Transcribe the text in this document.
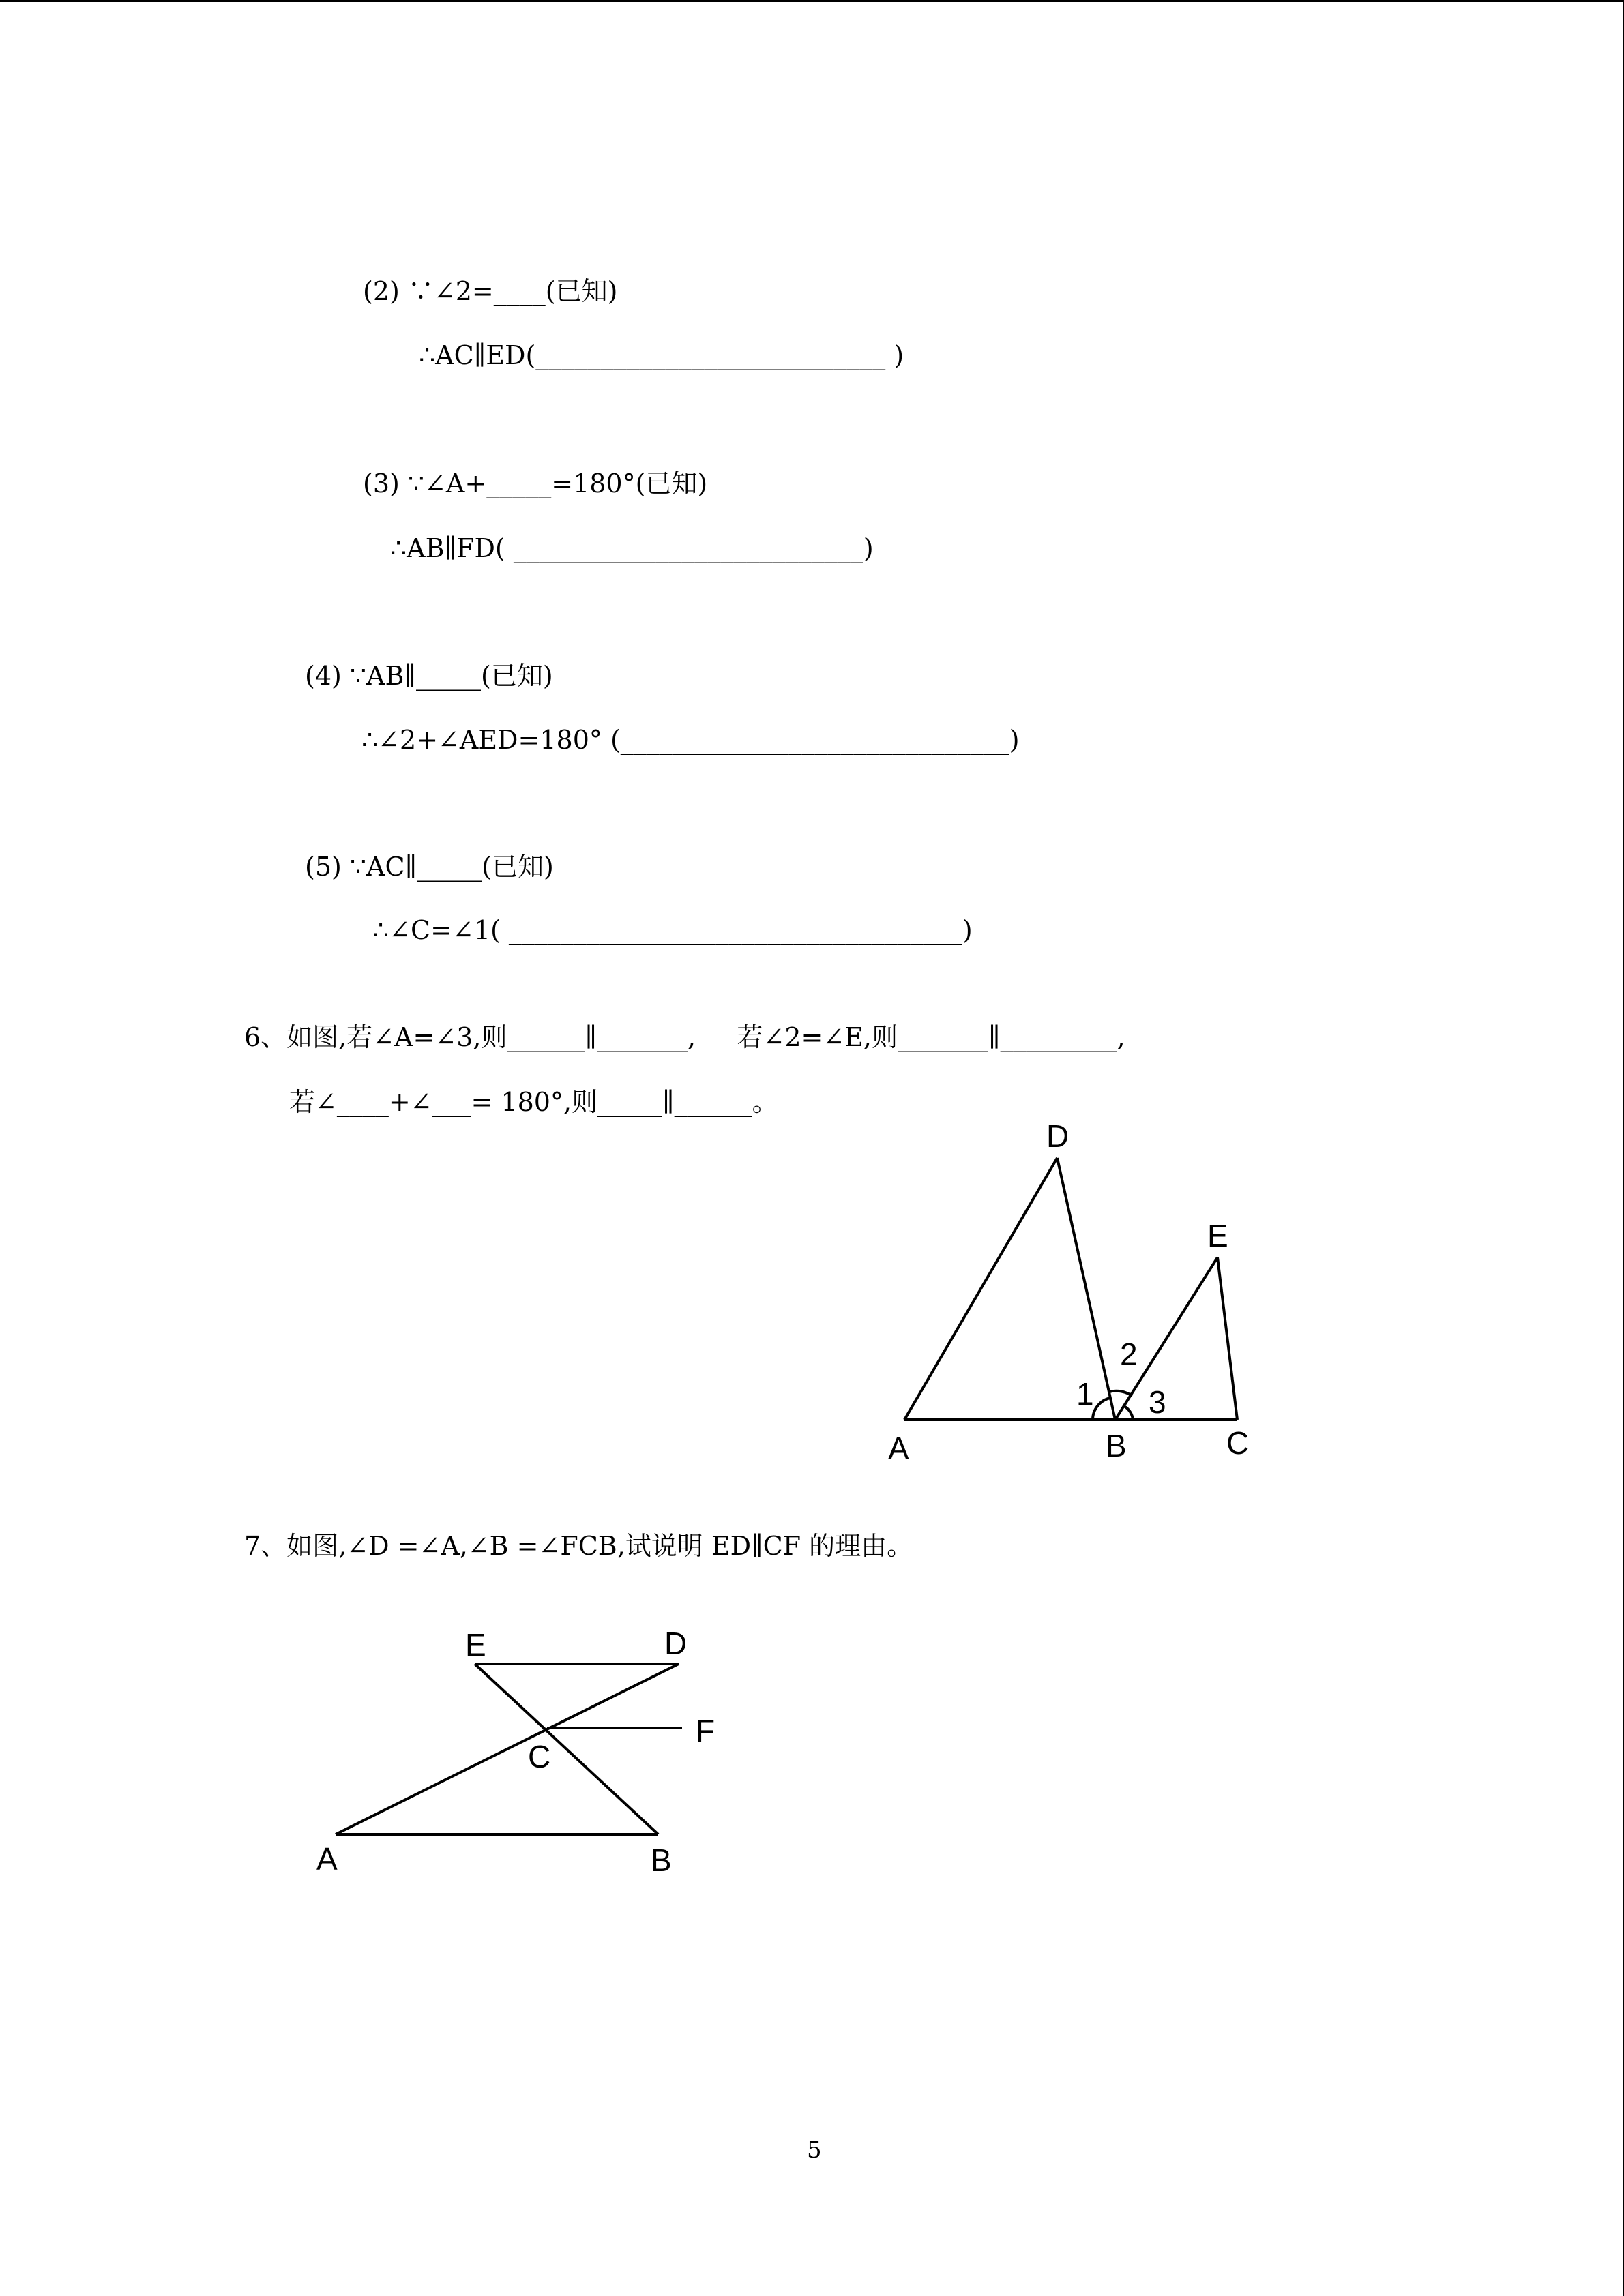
(2) ∵∠2=____(已知)
∴AC∥ED(___________________________ )
(3) ∵∠A+_____=180°(已知)
∴AB∥FD( ___________________________)
(4) ∵AB∥_____(已知)
∴∠2+∠AED=180° (______________________________)
(5) ∵AC∥_____(已知)
∴∠C=∠1( ___________________________________)
6、如图,若∠A=∠3,则______∥_______,     若∠2=∠E,则_______∥_________,
若∠____+∠___= 180°,则_____∥______。
D
E
A	B	C
1
2
3
7、如图,∠D =∠A,∠B =∠FCB,试说明 ED∥CF 的理由。
E	D
F
C
A	B
5
